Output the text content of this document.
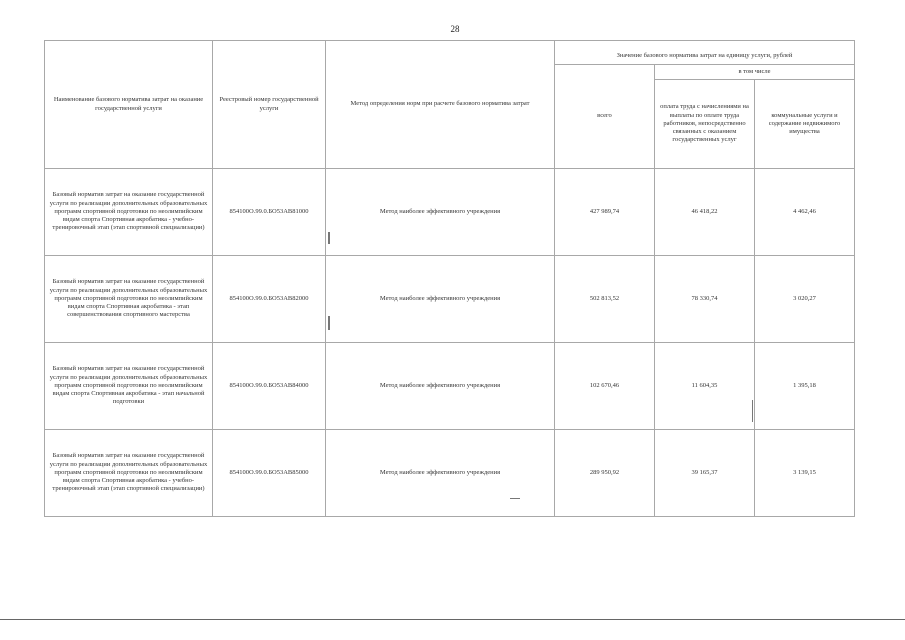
28
Наименование базового норматива затрат на оказание государственной услуги	Реестровый номер государственной услуги	Метод определения норм при расчете базового норматива затрат	Значение базового норматива затрат на единицу услуги, рублей		
			всего	в том числе	
				оплата труда с начислениями на выплаты по оплате труда работников, непосредственно связанных с оказанием государственных услуг	коммунальные услуги и содержание недвижимого имущества
Базовый норматив затрат на оказание государственной услуги по реализации дополнительных образовательных программ спортивной подготовки по неолимпийским видам спорта Спортивная акробатика - учебно-тренировочный этап (этап спортивной специализации)	854100О.99.0.БО53АВ81000	Метод наиболее эффективного учреждения	427 989,74	46 418,22	4 462,46
Базовый норматив затрат на оказание государственной услуги по реализации дополнительных образовательных программ спортивной подготовки по неолимпийским видам спорта Спортивная акробатика - этап совершенствования спортивного мастерства	854100О.99.0.БО53АВ82000	Метод наиболее эффективного учреждения	502 813,52	78 330,74	3 020,27
Базовый норматив затрат на оказание государственной услуги по реализации дополнительных образовательных программ спортивной подготовки по неолимпийским видам спорта Спортивная акробатика - этап начальной подготовки	854100О.99.0.БО53АВ84000	Метод наиболее эффективного учреждения	102 670,46	11 604,35	1 395,18
Базовый норматив затрат на оказание государственной услуги по реализации дополнительных образовательных программ спортивной подготовки по неолимпийским видам спорта Спортивная акробатика - учебно-тренировочный этап (этап спортивной специализации)	854100О.99.0.БО53АВ85000	Метод наиболее эффективного учреждения	289 950,92	39 165,37	3 139,15
